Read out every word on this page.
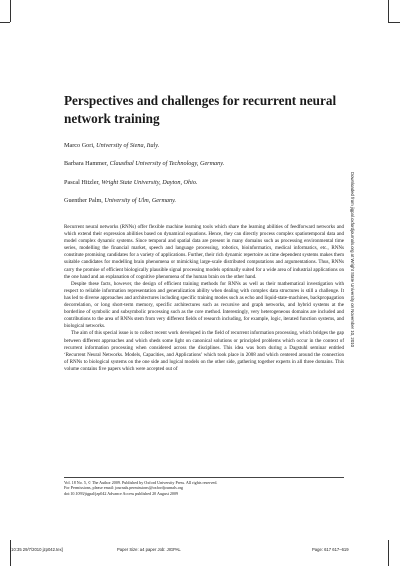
Perspectives and challenges for recurrent neural network training
Marco Gori, University of Siena, Italy.
Barbara Hammer, Clausthal University of Technology, Germany.
Pascal Hitzler, Wright State University, Dayton, Ohio.
Guenther Palm, University of Ulm, Germany.

Recurrent neural networks (RNNs) offer flexible machine learning tools which share the learning abilities of feedforward networks and which extend their expression abilities based on dynamical equations. Hence, they can directly process complex spatiotemporal data and model complex dynamic systems. Since temporal and spatial data are present in many domains such as processing environmental time series, modelling the financial market, speech and language processing, robotics, bioinformatics, medical informatics, etc., RNNs constitute promising candidates for a variety of applications. Further, their rich dynamic repertoire as time dependent systems makes them suitable candidates for modelling brain phenomena or mimicking large-scale distributed computations and argumentations. Thus, RNNs carry the promise of efficient biologically plausible signal processing models optimally suited for a wide area of industrial applications on the one hand and an explanation of cognitive phenomena of the human brain on the other hand.

Despite these facts, however, the design of efficient training methods for RNNs as well as their mathematical investigation with respect to reliable information representation and generalization ability when dealing with complex data structures is still a challenge. It has led to diverse approaches and architectures including specific training modes such as echo and liquid-state-machines, backpropagation decorrelation, or long short-term memory, specific architectures such as recursive and graph networks, and hybrid systems at the borderline of symbolic and subsymbolic processing such as the core method. Interestingly, very heterogeneous domains are included and contributions to the area of RNNs stem from very different fields of research including, for example, logic, iterated function systems, and biological networks.

The aim of this special issue is to collect recent work developed in the field of recurrent information processing, which bridges the gap between different approaches and which sheds some light on canonical solutions or principled problems which occur in the context of recurrent information processing when considered across the disciplines. This idea was born during a Dagstuhl seminar entitled ‘Recurrent Neural Networks. Models, Capacities, and Applications’ which took place in 2008 and which centered around the connection of RNNs to biological systems on the one side and logical models on the other side, gathering together experts in all three domains. This volume contains five papers which were accepted out of

Vol. 18 No. 5, © The Author 2009. Published by Oxford University Press. All rights reserved.
For Permissions, please email: journals.permissions@oxfordjournals.org
doi:10.1093/jigpal/jzp042 Advance Access published 20 August 2009
Downloaded from jigpal.oxfordjournals.org at Wright State University on November 10, 2010
[10:35 29/7/2010 jzp042.tex]	Paper Size: a4 paper Job: JIGPAL	Page: 617 617–619
